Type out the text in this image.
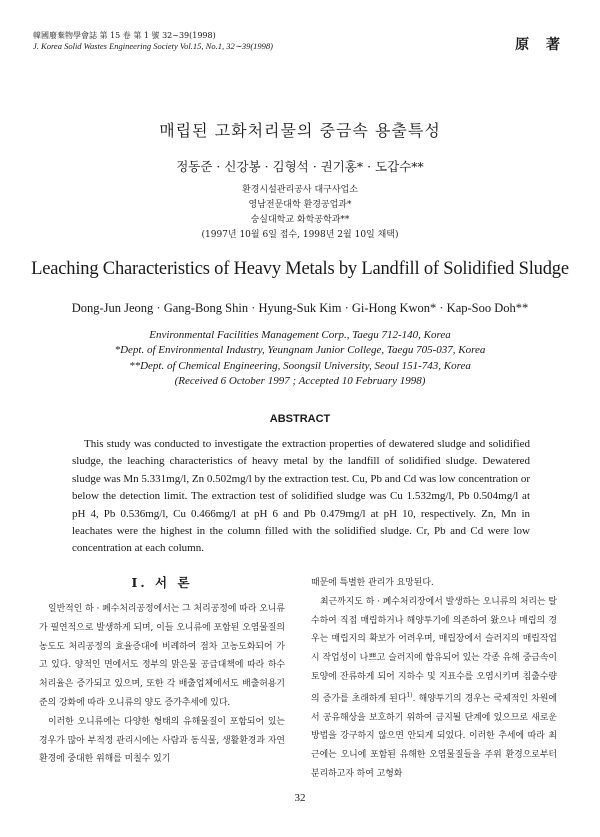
韓國廢棄物學會誌 第 15 卷 第 1 號 32∼39(1998)
J. Korea Solid Wastes Engineering Society Vol.15, No.1, 32∼39(1998)	原 著
매립된 고화처리물의 중금속 용출특성
정동준 · 신강봉 · 김형석 · 권기홍* · 도갑수**
환경시설관리공사 대구사업소
영남전문대학 환경공업과*
숭실대학교 화학공학과**
(1997년 10월 6일 접수, 1998년 2월 10일 채택)
Leaching Characteristics of Heavy Metals by Landfill of Solidified Sludge
Dong-Jun Jeong · Gang-Bong Shin · Hyung-Suk Kim · Gi-Hong Kwon* · Kap-Soo Doh**
Environmental Facilities Management Corp., Taegu 712-140, Korea
*Dept. of Environmental Industry, Yeungnam Junior College, Taegu 705-037, Korea
**Dept. of Chemical Engineering, Soongsil University, Seoul 151-743, Korea
(Received 6 October 1997 ; Accepted 10 February 1998)
ABSTRACT
This study was conducted to investigate the extraction properties of dewatered sludge and solidified sludge, the leaching characteristics of heavy metal by the landfill of solidified sludge. Dewatered sludge was Mn 5.331mg/l, Zn 0.502mg/l by the extraction test. Cu, Pb and Cd was low concentration or below the detection limit. The extraction test of solidified sludge was Cu 1.532mg/l, Pb 0.504mg/l at pH 4, Pb 0.536mg/l, Cu 0.466mg/l at pH 6 and Pb 0.479mg/l at pH 10, respectively. Zn, Mn in leachates were the highest in the column filled with the solidified sludge. Cr, Pb and Cd were low concentration at each column.
Ⅰ. 서 론

일반적인 하 · 폐수처리공정에서는 그 처리공정에 따라 오니류가 필연적으로 발생하게 되며, 이들 오니류에 포함된 오염물질의 농도도 처리공정의 효율증대에 비례하여 점차 고농도화되어 가고 있다. 양적인 면에서도 정부의 맑은물 공급대책에 따라 하수처리율은 증가되고 있으며, 또한 각 배출업체에서도 배출허용기준의 강화에 따라 오니류의 양도 증가추세에 있다.

이러한 오니류에는 다양한 형태의 유해물질이 포함되어 있는 경우가 많아 부적정 관리시에는 사람과 동식물, 생활환경과 자연환경에 중대한 위해를 미칠수 있기

때문에 특별한 관리가 요망된다.

최근까지도 하 · 폐수처리장에서 발생하는 오니류의 처리는 탈수하여 직접 매립하거나 해양투기에 의존하여 왔으나 매립의 경우는 매립지의 확보가 어려우며, 매립장에서 슬러지의 매립작업시 작업성이 나쁘고 슬러지에 함유되어 있는 각종 유해 중금속이 토양에 잔류하게 되어 지하수 및 지표수를 오염시키며 침출수량의 증가를 초래하게 된다$^{1)}$. 해양투기의 경우는 국제적인 차원에서 공유해상을 보호하기 위하여 금지될 단계에 있으므로 새로운 방법을 강구하지 않으면 안되게 되었다. 이러한 추세에 따라 최근에는 오니에 포함된 유해한 오염물질들을 주위 환경으로부터 분리하고자 하여 고형화

32
